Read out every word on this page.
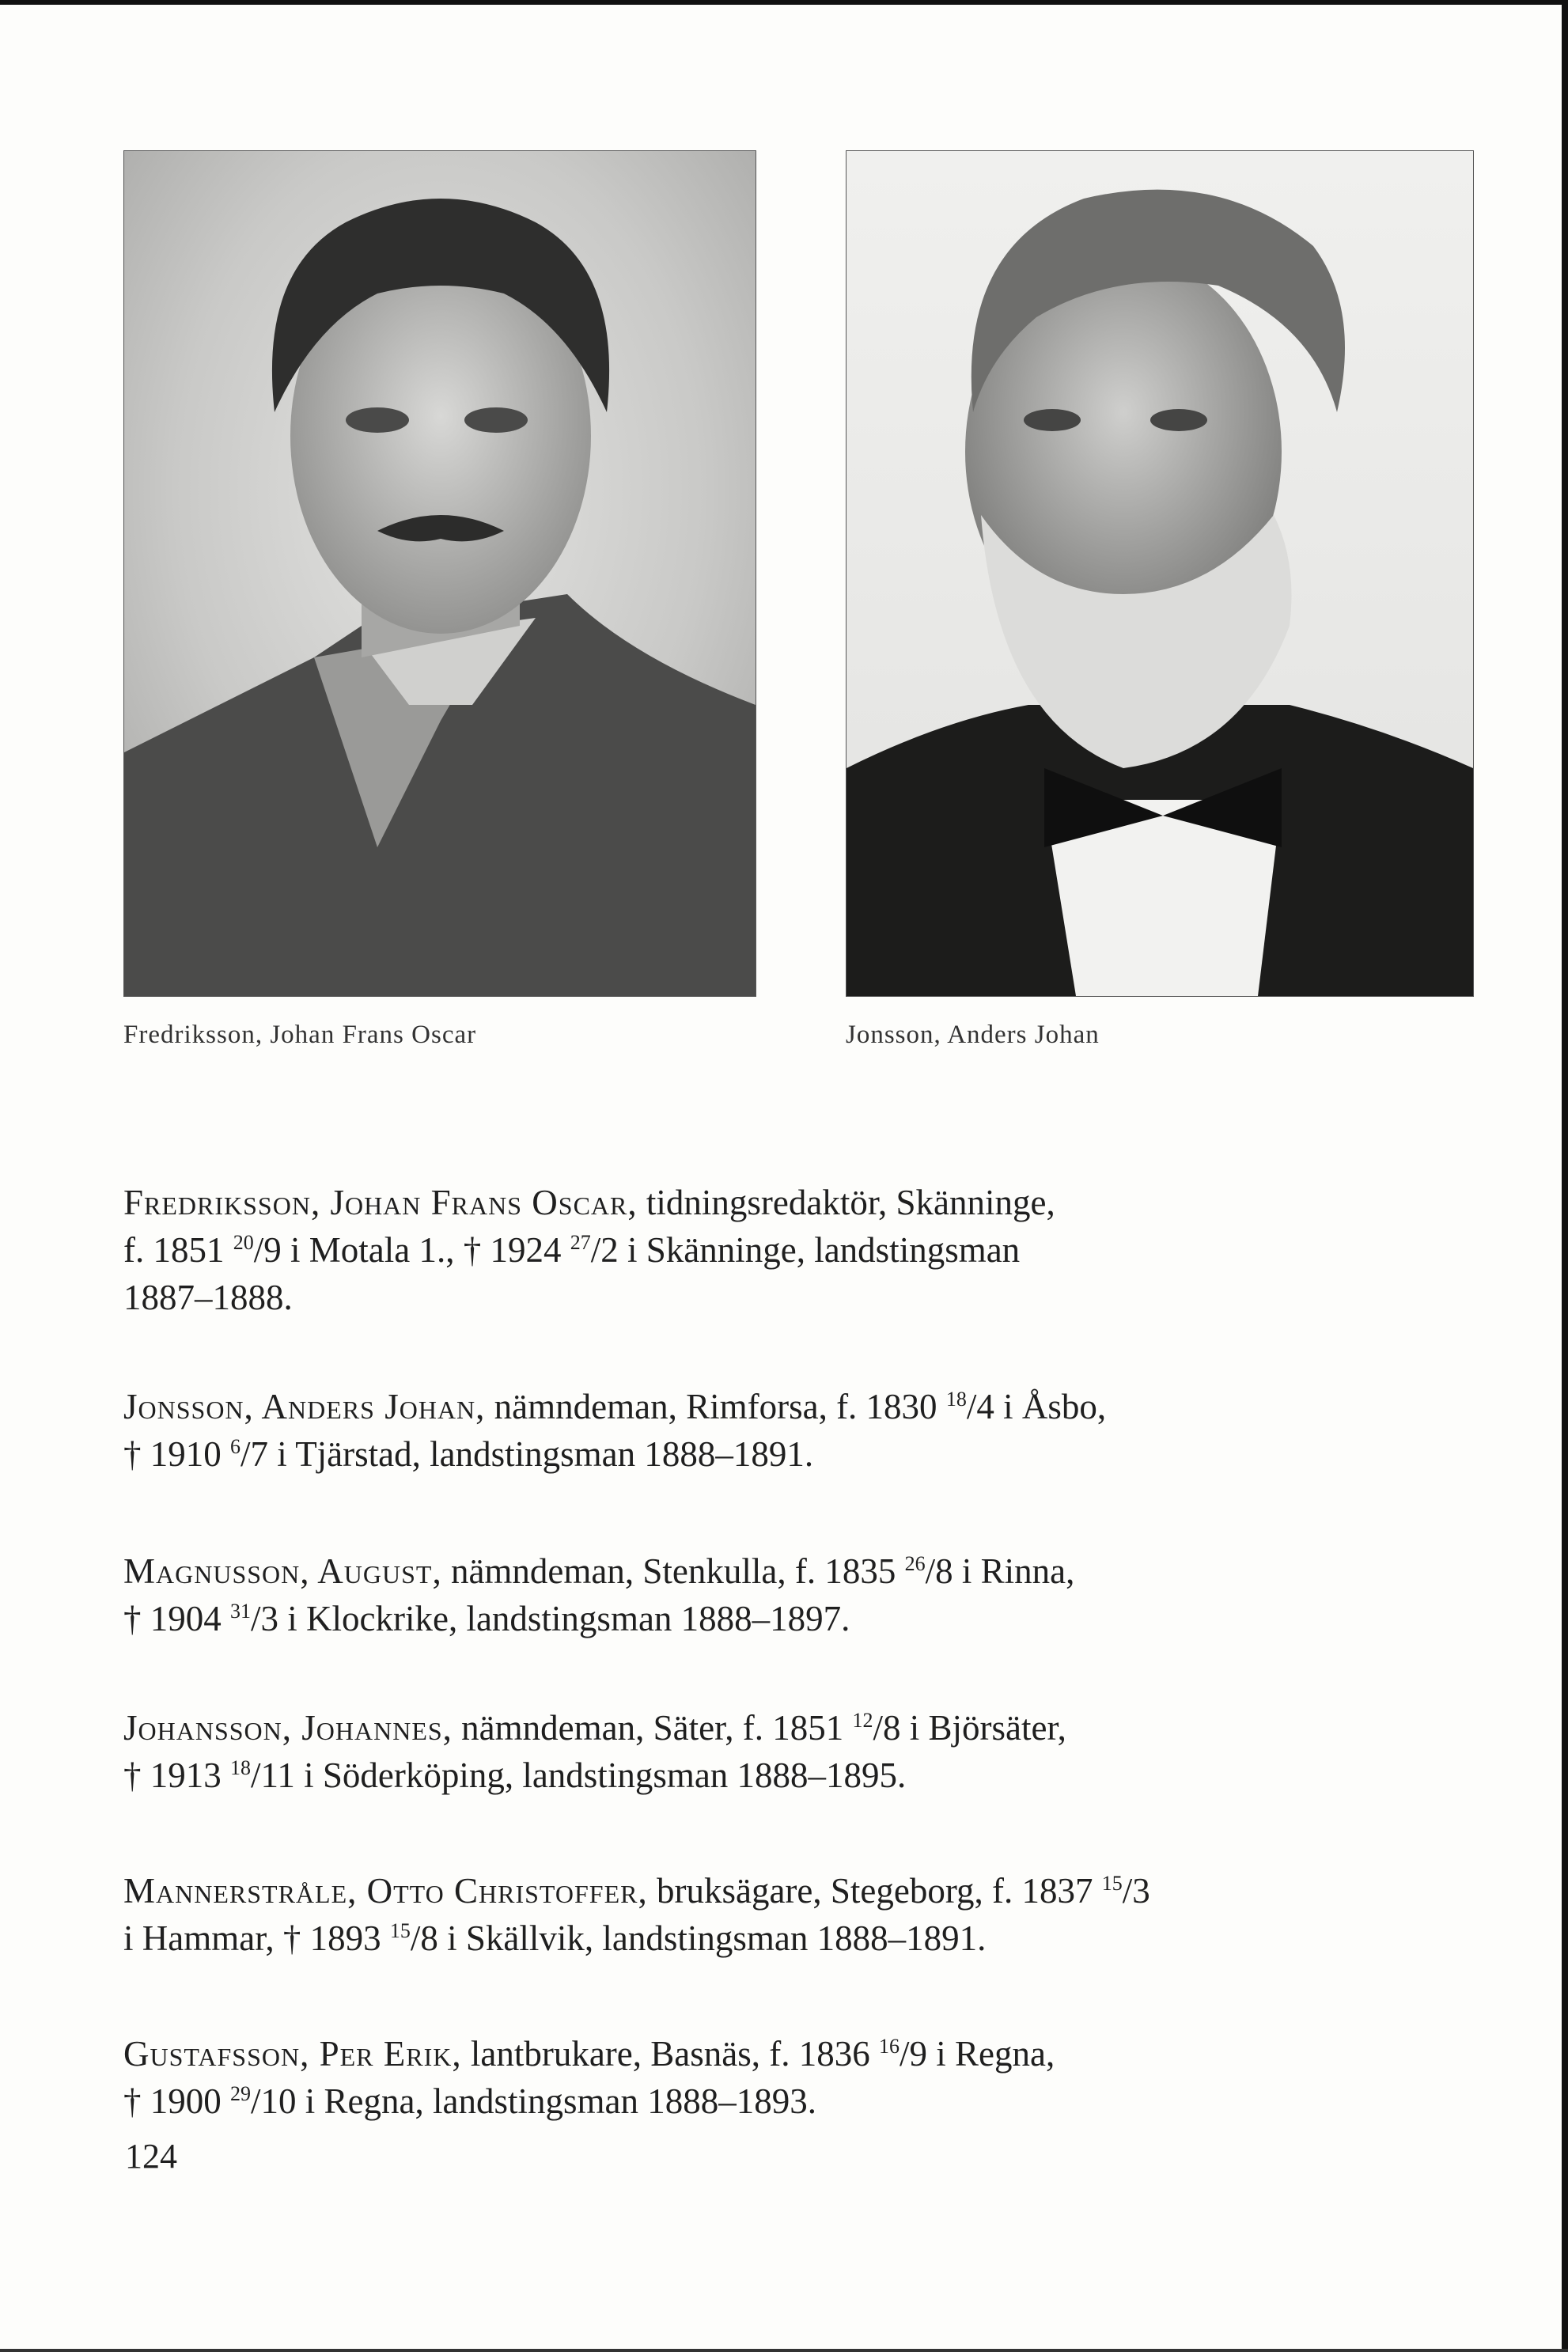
Fredriksson, Johan Frans Oscar	Jonsson, Anders Johan
Fredriksson, Johan Frans Oscar, tidningsredaktör, Skänninge,
f. 1851 $^{20}$/9 i Motala 1., † 1924 $^{27}$/2 i Skänninge, landstingsman
1887–1888.
Jonsson, Anders Johan, nämndeman, Rimforsa, f. 1830 $^{18}$/4 i Åsbo,
† 1910 $^6$/7 i Tjärstad, landstingsman 1888–1891.
Magnusson, August, nämndeman, Stenkulla, f. 1835 $^{26}$/8 i Rinna,
† 1904 $^{31}$/3 i Klockrike, landstingsman 1888–1897.
Johansson, Johannes, nämndeman, Säter, f. 1851 $^{12}$/8 i Björsäter,
† 1913 $^{18}$/11 i Söderköping, landstingsman 1888–1895.
Mannerstråle, Otto Christoffer, bruksägare, Stegeborg, f. 1837 $^{15}$/3
i Hammar, † 1893 $^{15}$/8 i Skällvik, landstingsman 1888–1891.
Gustafsson, Per Erik, lantbrukare, Basnäs, f. 1836 $^{16}$/9 i Regna,
† 1900 $^{29}$/10 i Regna, landstingsman 1888–1893.
124
